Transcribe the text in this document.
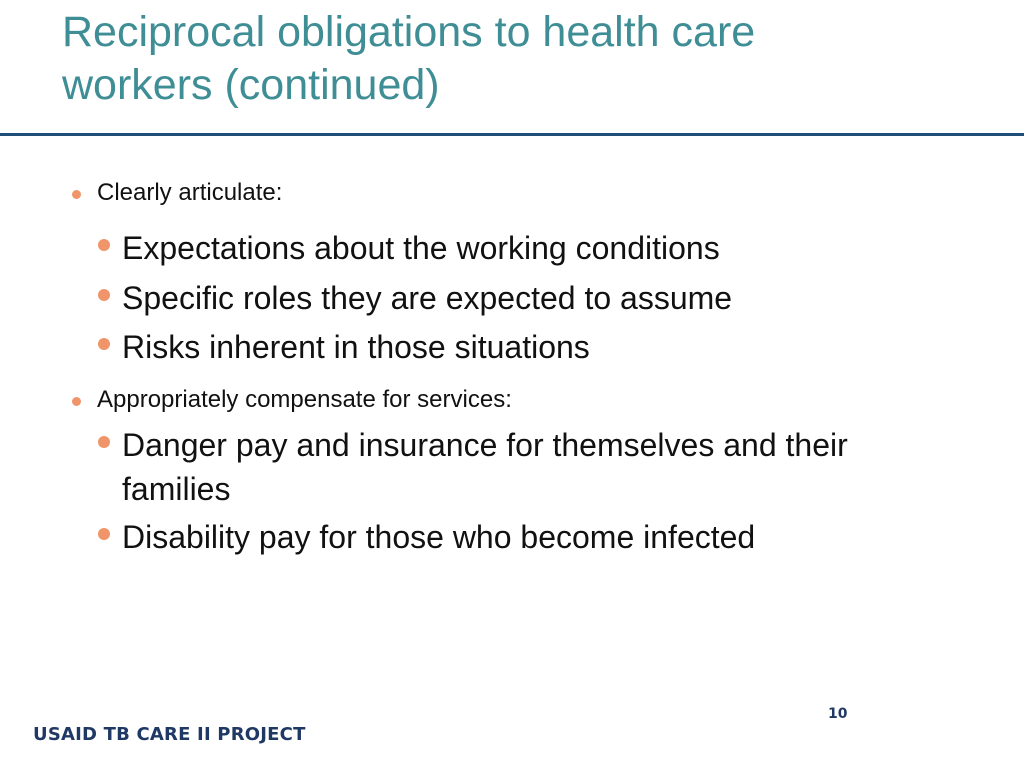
Reciprocal obligations to health care
workers (continued)
Clearly articulate:
Expectations about the working conditions
Specific roles they are expected to assume
Risks inherent in those situations
Appropriately compensate for services:
Danger pay and insurance for themselves and their families
Disability pay for those who become infected
10
USAID TB CARE II PROJECT
